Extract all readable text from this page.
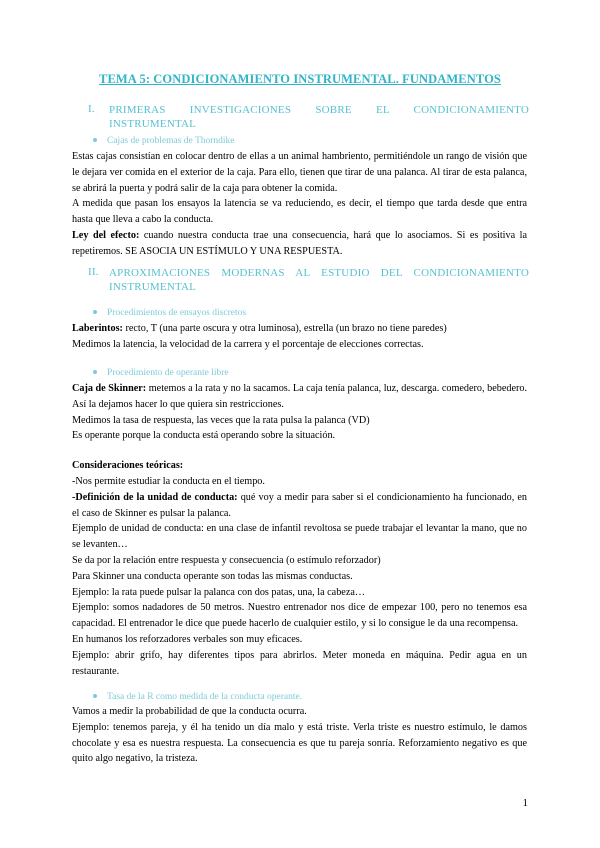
TEMA 5: CONDICIONAMIENTO INSTRUMENTAL. FUNDAMENTOS
I. PRIMERAS INVESTIGACIONES SOBRE EL CONDICIONAMIENTO INSTRUMENTAL
Cajas de problemas de Thorndike

Estas cajas consistían en colocar dentro de ellas a un animal hambriento, permitiéndole un rango de visión que le dejara ver comida en el exterior de la caja. Para ello, tienen que tirar de una palanca. Al tirar de esta palanca, se abrirá la puerta y podrá salir de la caja para obtener la comida.

A medida que pasan los ensayos la latencia se va reduciendo, es decir, el tiempo que tarda desde que entra hasta que lleva a cabo la conducta.

Ley del efecto: cuando nuestra conducta trae una consecuencia, hará que lo asociamos. Si es positiva la repetiremos. SE ASOCIA UN ESTÍMULO Y UNA RESPUESTA.

II. APROXIMACIONES MODERNAS AL ESTUDIO DEL CONDICIONAMIENTO INSTRUMENTAL
Procedimientos de ensayos discretos

Laberintos: recto, T (una parte oscura y otra luminosa), estrella (un brazo no tiene paredes)

Medimos la latencia, la velocidad de la carrera y el porcentaje de elecciones correctas.

Procedimiento de operante libre

Caja de Skinner: metemos a la rata y no la sacamos. La caja tenía palanca, luz, descarga. comedero, bebedero. Así la dejamos hacer lo que quiera sin restricciones.

Medimos la tasa de respuesta, las veces que la rata pulsa la palanca (VD)

Es operante porque la conducta está operando sobre la situación.

Consideraciones teóricas:

-Nos permite estudiar la conducta en el tiempo.

-Definición de la unidad de conducta: qué voy a medir para saber si el condicionamiento ha funcionado, en el caso de Skinner es pulsar la palanca.

Ejemplo de unidad de conducta: en una clase de infantil revoltosa se puede trabajar el levantar la mano, que no se levanten…

Se da por la relación entre respuesta y consecuencia (o estímulo reforzador)

Para Skinner una conducta operante son todas las mismas conductas.

Ejemplo: la rata puede pulsar la palanca con dos patas, una, la cabeza…

Ejemplo: somos nadadores de 50 metros. Nuestro entrenador nos dice de empezar 100, pero no tenemos esa capacidad. El entrenador le dice que puede hacerlo de cualquier estilo, y si lo consigue le da una recompensa.

En humanos los reforzadores verbales son muy eficaces.

Ejemplo: abrir grifo, hay diferentes tipos para abrirlos. Meter moneda en máquina. Pedir agua en un restaurante.

Tasa de la R como medida de la conducta operante.

Vamos a medir la probabilidad de que la conducta ocurra.

Ejemplo: tenemos pareja, y él ha tenido un día malo y está triste. Verla triste es nuestro estímulo, le damos chocolate y esa es nuestra respuesta. La consecuencia es que tu pareja sonría. Reforzamiento negativo es que quito algo negativo, la tristeza.

1
